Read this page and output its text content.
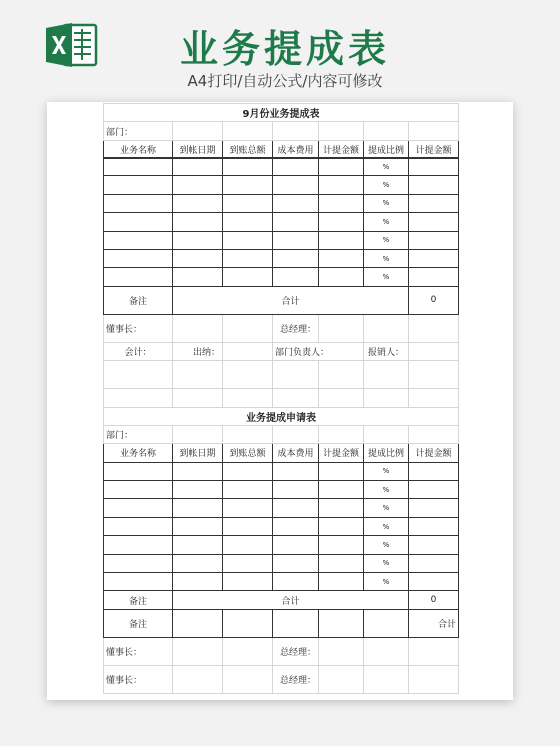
业务提成表
A4打印/自动公式/内容可修改
9月份业务提成表						
部门：						
业务名称	到帐日期	到账总额	成本费用	计提金额	提成比例	计提金额
					%	
					%	
					%	
					%	
					%	
					%	
					%	
备注	合计					0
懂事长：			总经理：			
会计：	出纳：		部门负责人：		报销人：	

业务提成申请表						
部门：						
业务名称	到帐日期	到账总额	成本费用	计提金额	提成比例	计提金额
					%	
					%	
					%	
					%	
					%	
					%	
					%	
备注	合计					0
备注						合计
懂事长：			总经理：			
懂事长：			总经理：			
